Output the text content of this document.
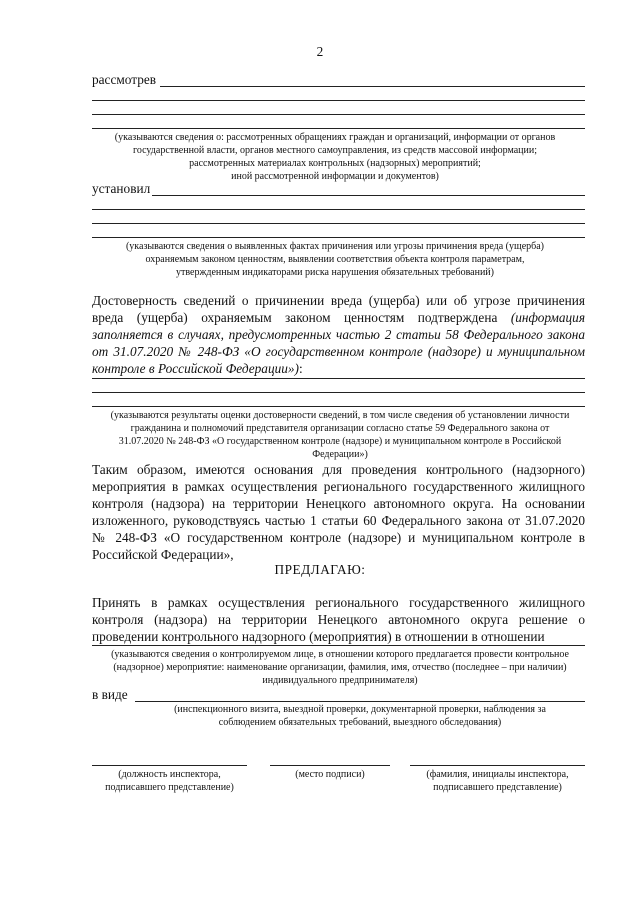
2
рассмотрев
(указываются сведения о: рассмотренных обращениях граждан и организаций, информации от органов
государственной власти, органов местного самоуправления, из средств массовой информации;
рассмотренных материалах контрольных (надзорных) мероприятий;
иной рассмотренной информации и документов)
установил
(указываются сведения о выявленных фактах причинения или угрозы причинения вреда (ущерба)
охраняемым законом ценностям, выявлении соответствия объекта контроля параметрам,
утвержденным индикаторами риска нарушения обязательных требований)
Достоверность сведений о причинении вреда (ущерба) или об угрозе причинения вреда (ущерба) охраняемым законом ценностям подтверждена (информация заполняется в случаях, предусмотренных частью 2 статьи 58 Федерального закона от 31.07.2020 № 248-ФЗ «О государственном контроле (надзоре) и муниципальном контроле в Российской Федерации»):
(указываются результаты оценки достоверности сведений, в том числе сведения об установлении личности
гражданина и полномочий представителя организации согласно статье 59 Федерального закона от
31.07.2020 № 248-ФЗ «О государственном контроле (надзоре) и муниципальном контроле в Российской
Федерации»)
Таким образом, имеются основания для проведения контрольного (надзорного) мероприятия в рамках осуществления регионального государственного жилищного контроля (надзора) на территории Ненецкого автономного округа. На основании изложенного, руководствуясь частью 1 статьи 60 Федерального закона от 31.07.2020 № 248-ФЗ «О государственном контроле (надзоре) и муниципальном контроле в Российской Федерации»,
ПРЕДЛАГАЮ:
Принять в рамках осуществления регионального государственного жилищного контроля (надзора) на территории Ненецкого автономного округа решение о проведении контрольного надзорного (мероприятия) в отношении в отношении
(указываются сведения о контролируемом лице, в отношении которого предлагается провести контрольное
(надзорное) мероприятие: наименование организации, фамилия, имя, отчество (последнее – при наличии)
индивидуального предпринимателя)
в виде
(инспекционного визита, выездной проверки, документарной проверки, наблюдения за
соблюдением обязательных требований, выездного обследования)
(должность инспектора,
подписавшего представление)
(место подписи)	(фамилия, инициалы инспектора,
подписавшего представление)
